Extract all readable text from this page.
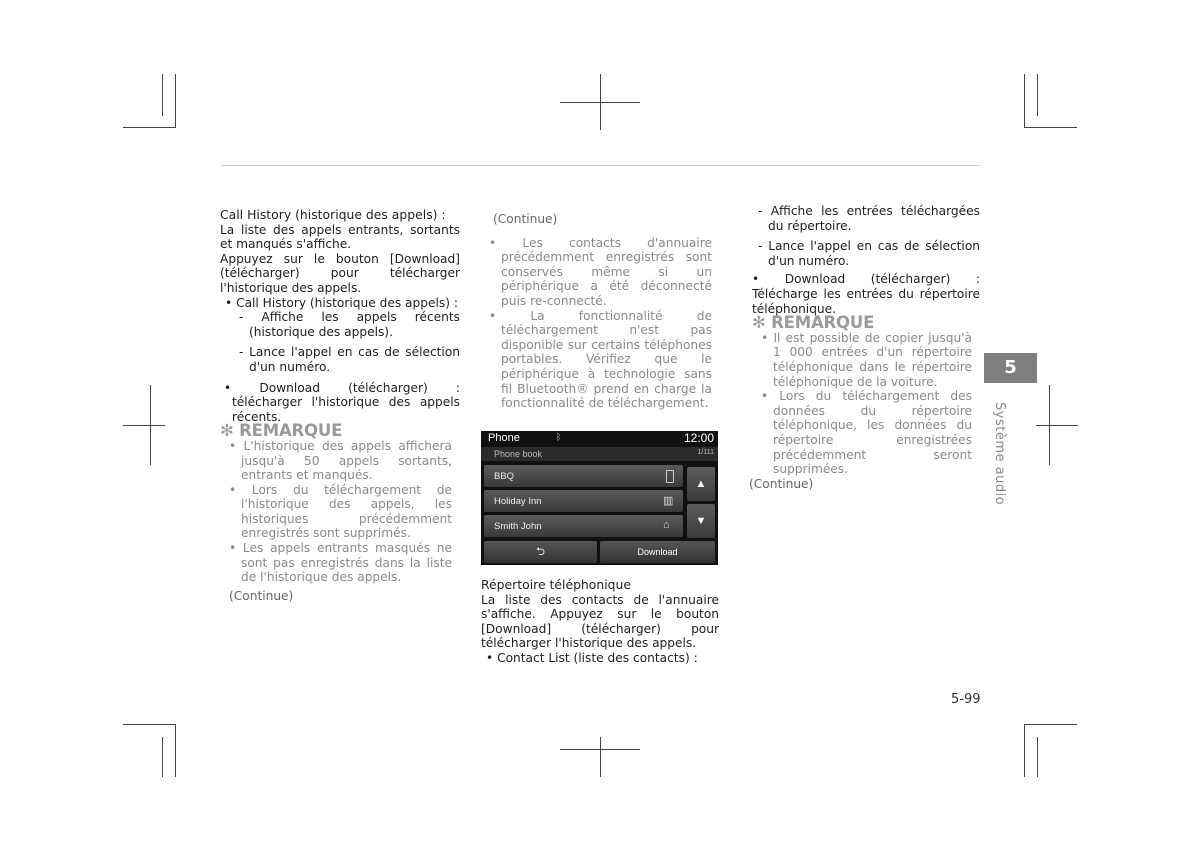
Call History (historique des appels) :

La liste des appels entrants, sortants et manqués s'affiche.

Appuyez sur le bouton [Download] (télécharger) pour télécharger l'historique des appels.

• Call History (historique des appels) :

- Affiche les appels récents (historique des appels).

- Lance l'appel en cas de sélection d'un numéro.

• Download (télécharger) : télécharger l'historique des appels récents.

✻ REMARQUE

• L'historique des appels affichera jusqu'à 50 appels sortants, entrants et manqués.

• Lors du téléchargement de l'historique des appels, les historiques précédemment enregistrés sont supprimés.

• Les appels entrants masqués ne sont pas enregistrés dans la liste de l'historique des appels.

(Continue)

(Continue)

• Les contacts d'annuaire précédemment enregistrés sont conservés même si un périphérique a été déconnecté puis re-connecté.

• La fonctionnalité de téléchargement n'est pas disponible sur certains téléphones portables. Vérifiez que le périphérique à technologie sans fil Bluetooth® prend en charge la fonctionnalité de téléchargement.

Phone	ᛒ	12:00
Phone book	1/111
BBQ
Holiday Inn	▥
Smith John	⌂
▲
▼
⮌	Download

Répertoire téléphonique

La liste des contacts de l'annuaire s'affiche. Appuyez sur le bouton [Download] (télécharger) pour télécharger l'historique des appels.

• Contact List (liste des contacts) :

- Affiche les entrées téléchargées du répertoire.

- Lance l'appel en cas de sélection d'un numéro.

• Download (télécharger) : Télécharge les entrées du répertoire téléphonique.

✻ REMARQUE

• Il est possible de copier jusqu'à 1 000 entrées d'un répertoire téléphonique dans le répertoire téléphonique de la voiture.

• Lors du téléchargement des données du répertoire téléphonique, les données du répertoire enregistrées précédemment seront supprimées.

(Continue)

5
Système audio
5-99
